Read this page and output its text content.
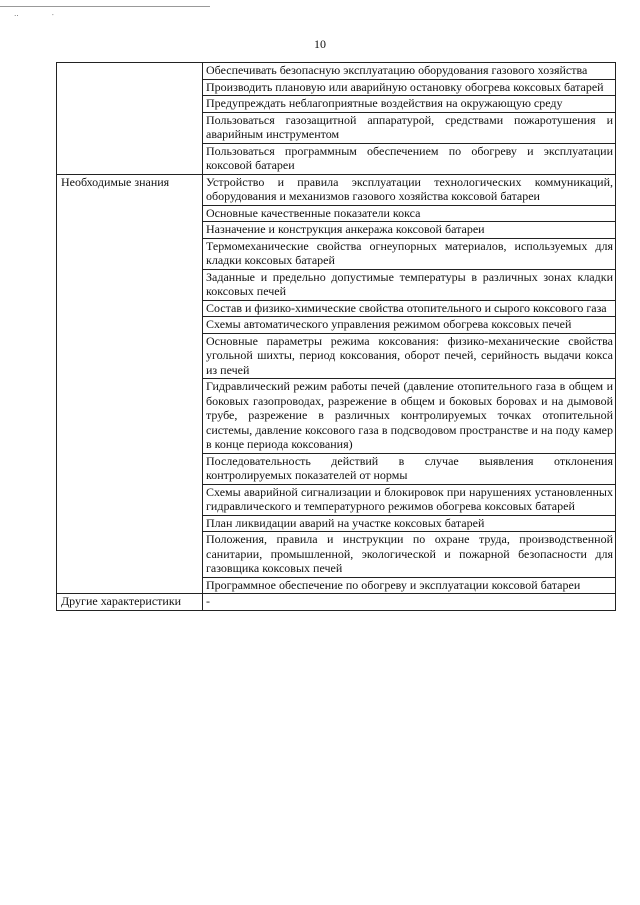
··	∙
10
	Обеспечивать безопасную эксплуатацию оборудования газового хозяйства
	Производить плановую или аварийную остановку обогрева коксовых батарей
	Предупреждать неблагоприятные воздействия на окружающую среду
	Пользоваться газозащитной аппаратурой, средствами пожаротушения и аварийным инструментом
	Пользоваться программным обеспечением по обогреву и эксплуатации коксовой батареи
Необходимые знания	Устройство и правила эксплуатации технологических коммуникаций, оборудования и механизмов газового хозяйства коксовой батареи
	Основные качественные показатели кокса
	Назначение и конструкция анкеража коксовой батареи
	Термомеханические свойства огнеупорных материалов, используемых для кладки коксовых батарей
	Заданные и предельно допустимые температуры в различных зонах кладки коксовых печей
	Состав и физико-химические свойства отопительного и сырого коксового газа
	Схемы автоматического управления режимом обогрева коксовых печей
	Основные параметры режима коксования: физико-механические свойства угольной шихты, период коксования, оборот печей, серийность выдачи кокса из печей
	Гидравлический режим работы печей (давление отопительного газа в общем и боковых газопроводах, разрежение в общем и боковых боровах и на дымовой трубе, разрежение в различных контролируемых точках отопительной системы, давление коксового газа в подсводовом пространстве и на поду камер в конце периода коксования)
	Последовательность действий в случае выявления отклонения контролируемых показателей от нормы
	Схемы аварийной сигнализации и блокировок при нарушениях установленных гидравлического и температурного режимов обогрева коксовых батарей
	План ликвидации аварий на участке коксовых батарей
	Положения, правила и инструкции по охране труда, производственной санитарии, промышленной, экологической и пожарной безопасности для газовщика коксовых печей
	Программное обеспечение по обогреву и эксплуатации коксовой батареи
Другие характеристики	-
